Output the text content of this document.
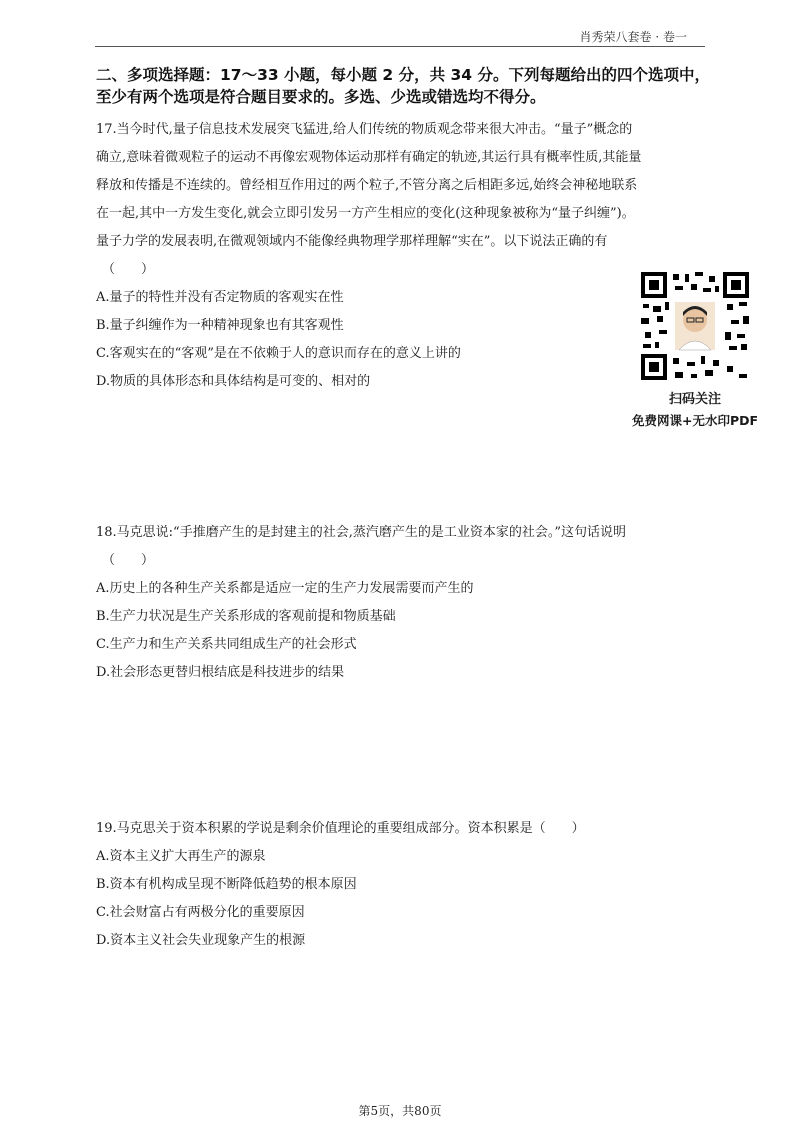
肖秀荣八套卷 · 卷一
二、多项选择题：17～33 小题，每小题 2 分，共 34 分。下列每题给出的四个选项中，至少有两个选项是符合题目要求的。多选、少选或错选均不得分。
17.当今时代,量子信息技术发展突飞猛进,给人们传统的物质观念带来很大冲击。“量子”概念的
确立,意味着微观粒子的运动不再像宏观物体运动那样有确定的轨迹,其运行具有概率性质,其能量
释放和传播是不连续的。曾经相互作用过的两个粒子,不管分离之后相距多远,始终会神秘地联系
在一起,其中一方发生变化,就会立即引发另一方产生相应的变化(这种现象被称为“量子纠缠”)。
量子力学的发展表明,在微观领域内不能像经典物理学那样理解“实在”。以下说法正确的有
（　　）
A.量子的特性并没有否定物质的客观实在性
B.量子纠缠作为一种精神现象也有其客观性
C.客观实在的“客观”是在不依赖于人的意识而存在的意义上讲的
D.物质的具体形态和具体结构是可变的、相对的
扫码关注
免费网课+无水印PDF
18.马克思说:“手推磨产生的是封建主的社会,蒸汽磨产生的是工业资本家的社会。”这句话说明
（　　）
A.历史上的各种生产关系都是适应一定的生产力发展需要而产生的
B.生产力状况是生产关系形成的客观前提和物质基础
C.生产力和生产关系共同组成生产的社会形式
D.社会形态更替归根结底是科技进步的结果
19.马克思关于资本积累的学说是剩余价值理论的重要组成部分。资本积累是（　　）
A.资本主义扩大再生产的源泉
B.资本有机构成呈现不断降低趋势的根本原因
C.社会财富占有两极分化的重要原因
D.资本主义社会失业现象产生的根源
第5页，共80页
